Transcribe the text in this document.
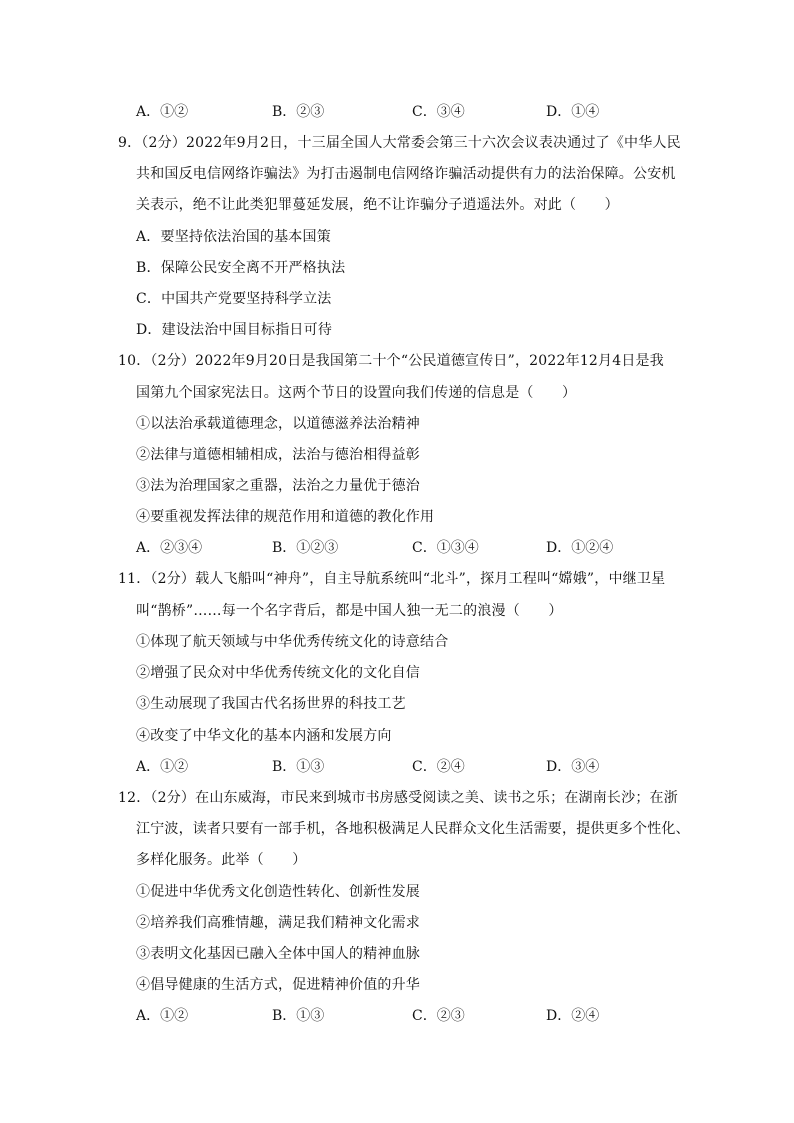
A．①②	B．②③	C．③④	D．①④
9．（2分）2022年9月2日，十三届全国人大常委会第三十六次会议表决通过了《中华人民
共和国反电信网络诈骗法》为打击遏制电信网络诈骗活动提供有力的法治保障。公安机
关表示，绝不让此类犯罪蔓延发展，绝不让诈骗分子逍遥法外。对此（　　）
A．要坚持依法治国的基本国策
B．保障公民安全离不开严格执法
C．中国共产党要坚持科学立法
D．建设法治中国目标指日可待
10．（2分）2022年9月20日是我国第二十个“公民道德宣传日”，2022年12月4日是我
国第九个国家宪法日。这两个节日的设置向我们传递的信息是（　　）
①以法治承载道德理念，以道德滋养法治精神
②法律与道德相辅相成，法治与德治相得益彰
③法为治理国家之重器，法治之力量优于德治
④要重视发挥法律的规范作用和道德的教化作用
A．②③④	B．①②③	C．①③④	D．①②④
11．（2分）载人飞船叫“神舟”，自主导航系统叫“北斗”，探月工程叫“嫦娥”，中继卫星
叫“鹊桥”……每一个名字背后，都是中国人独一无二的浪漫（　　）
①体现了航天领域与中华优秀传统文化的诗意结合
②增强了民众对中华优秀传统文化的文化自信
③生动展现了我国古代名扬世界的科技工艺
④改变了中华文化的基本内涵和发展方向
A．①②	B．①③	C．②④	D．③④
12．（2分）在山东威海，市民来到城市书房感受阅读之美、读书之乐；在湖南长沙；在浙
江宁波，读者只要有一部手机，各地积极满足人民群众文化生活需要，提供更多个性化、
多样化服务。此举（　　）
①促进中华优秀文化创造性转化、创新性发展
②培养我们高雅情趣，满足我们精神文化需求
③表明文化基因已融入全体中国人的精神血脉
④倡导健康的生活方式，促进精神价值的升华
A．①②	B．①③	C．②③	D．②④
